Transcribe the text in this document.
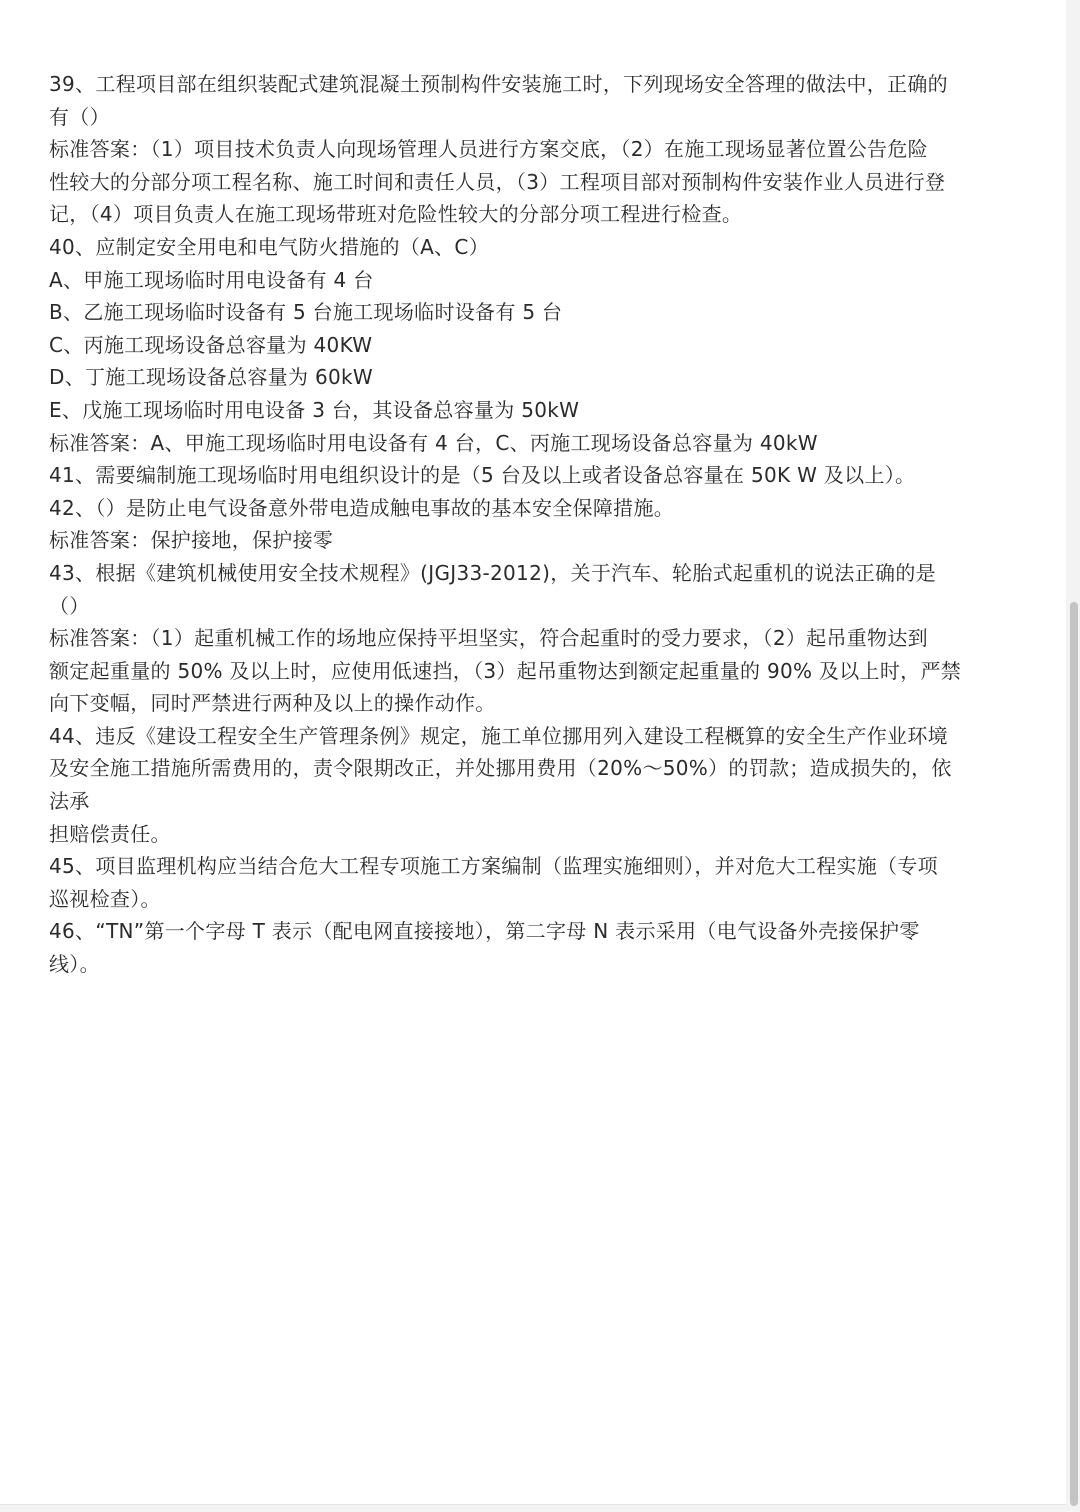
39、工程项目部在组织装配式建筑混凝土预制构件安装施工时，下列现场安全答理的做法中，正确的

有（）

标准答案：（1）项目技术负责人向现场管理人员进行方案交底，（2）在施工现场显著位置公告危险

性较大的分部分项工程名称、施工时间和责任人员，（3）工程项目部对预制构件安装作业人员进行登

记，（4）项目负责人在施工现场带班对危险性较大的分部分项工程进行检查。

40、应制定安全用电和电气防火措施的（A、C）

A、甲施工现场临时用电设备有 4 台

B、乙施工现场临时设备有 5 台施工现场临时设备有 5 台

C、丙施工现场设备总容量为 40KW

D、丁施工现场设备总容量为 60kW

E、戊施工现场临时用电设备 3 台，其设备总容量为 50kW

标准答案：A、甲施工现场临时用电设备有 4 台，C、丙施工现场设备总容量为 40kW

41、需要编制施工现场临时用电组织设计的是（5 台及以上或者设备总容量在 50K W 及以上）。

42、（）是防止电气设备意外带电造成触电事故的基本安全保障措施。

标准答案：保护接地，保护接零

43、根据《建筑机械使用安全技术规程》(JGJ33-2012)，关于汽车、轮胎式起重机的说法正确的是

（）

标准答案：（1）起重机械工作的场地应保持平坦坚实，符合起重时的受力要求，（2）起吊重物达到

额定起重量的 50% 及以上时，应使用低速挡，（3）起吊重物达到额定起重量的 90% 及以上时，严禁

向下变幅，同时严禁进行两种及以上的操作动作。

44、违反《建设工程安全生产管理条例》规定，施工单位挪用列入建设工程概算的安全生产作业环境

及安全施工措施所需费用的，责令限期改正，并处挪用费用（20%～50%）的罚款；造成损失的，依

法承

担赔偿责任。

45、项目监理机构应当结合危大工程专项施工方案编制（监理实施细则），并对危大工程实施（专项

巡视检查）。

46、“TN”第一个字母 T 表示（配电网直接接地），第二字母 N 表示采用（电气设备外壳接保护零

线）。
